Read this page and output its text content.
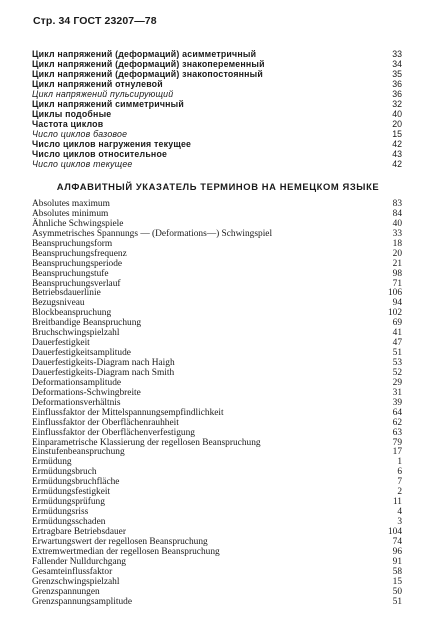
Стр. 34 ГОСТ 23207—78
Цикл напряжений (деформаций) асимметричный	33
Цикл напряжений (деформаций) знакопеременный	34
Цикл напряжений (деформаций) знакопостоянный	35
Цикл напряжений отнулевой	36
Цикл напряжений пульсирующий	36
Цикл напряжений симметричный	32
Циклы подобные	40
Частота циклов	20
Число циклов базовое	15
Число циклов нагружения текущее	42
Число циклов относительное	43
Число циклов текущее	42
АЛФАВИТНЫЙ УКАЗАТЕЛЬ ТЕРМИНОВ НА НЕМЕЦКОМ ЯЗЫКЕ
Absolutes maximum	83
Absolutes minimum	84
Ähnliche Schwingspiele	40
Asymmetrisches Spannungs — (Deformations—) Schwingspiel	33
Beanspruchungsform	18
Beanspruchungsfrequenz	20
Beanspruchungsperiode	21
Beanspruchungstufe	98
Beanspruchungsverlauf	71
Betriebsdauerlinie	106
Bezugsniveau	94
Blockbeanspruchung	102
Breitbandige Beanspruchung	69
Bruchschwingspielzahl	41
Dauerfestigkeit	47
Dauerfestigkeitsamplitude	51
Dauerfestigkeits-Diagram nach Haigh	53
Dauerfestigkeits-Diagram nach Smith	52
Deformationsamplitude	29
Deformations-Schwingbreite	31
Deformationsverhältnis	39
Einflussfaktor der Mittelspannungsempfindlichkeit	64
Einflussfaktor der Oberflächenrauhheit	62
Einflussfaktor der Oberflächenverfestigung	63
Einparametrische Klassierung der regellosen Beanspruchung	79
Einstufenbeanspruchung	17
Ermüdung	1
Ermüdungsbruch	6
Ermüdungsbruchfläche	7
Ermüdungsfestigkeit	2
Ermüdungsprüfung	11
Ermüdungsriss	4
Ermüdungsschaden	3
Ertragbare Betriebsdauer	104
Erwartungswert der regellosen Beanspruchung	74
Extremwertmedian der regellosen Beanspruchung	96
Fallender Nulldurchgang	91
Gesamteinflussfaktor	58
Grenzschwingspielzahl	15
Grenzspannungen	50
Grenzspannungsamplitude	51
